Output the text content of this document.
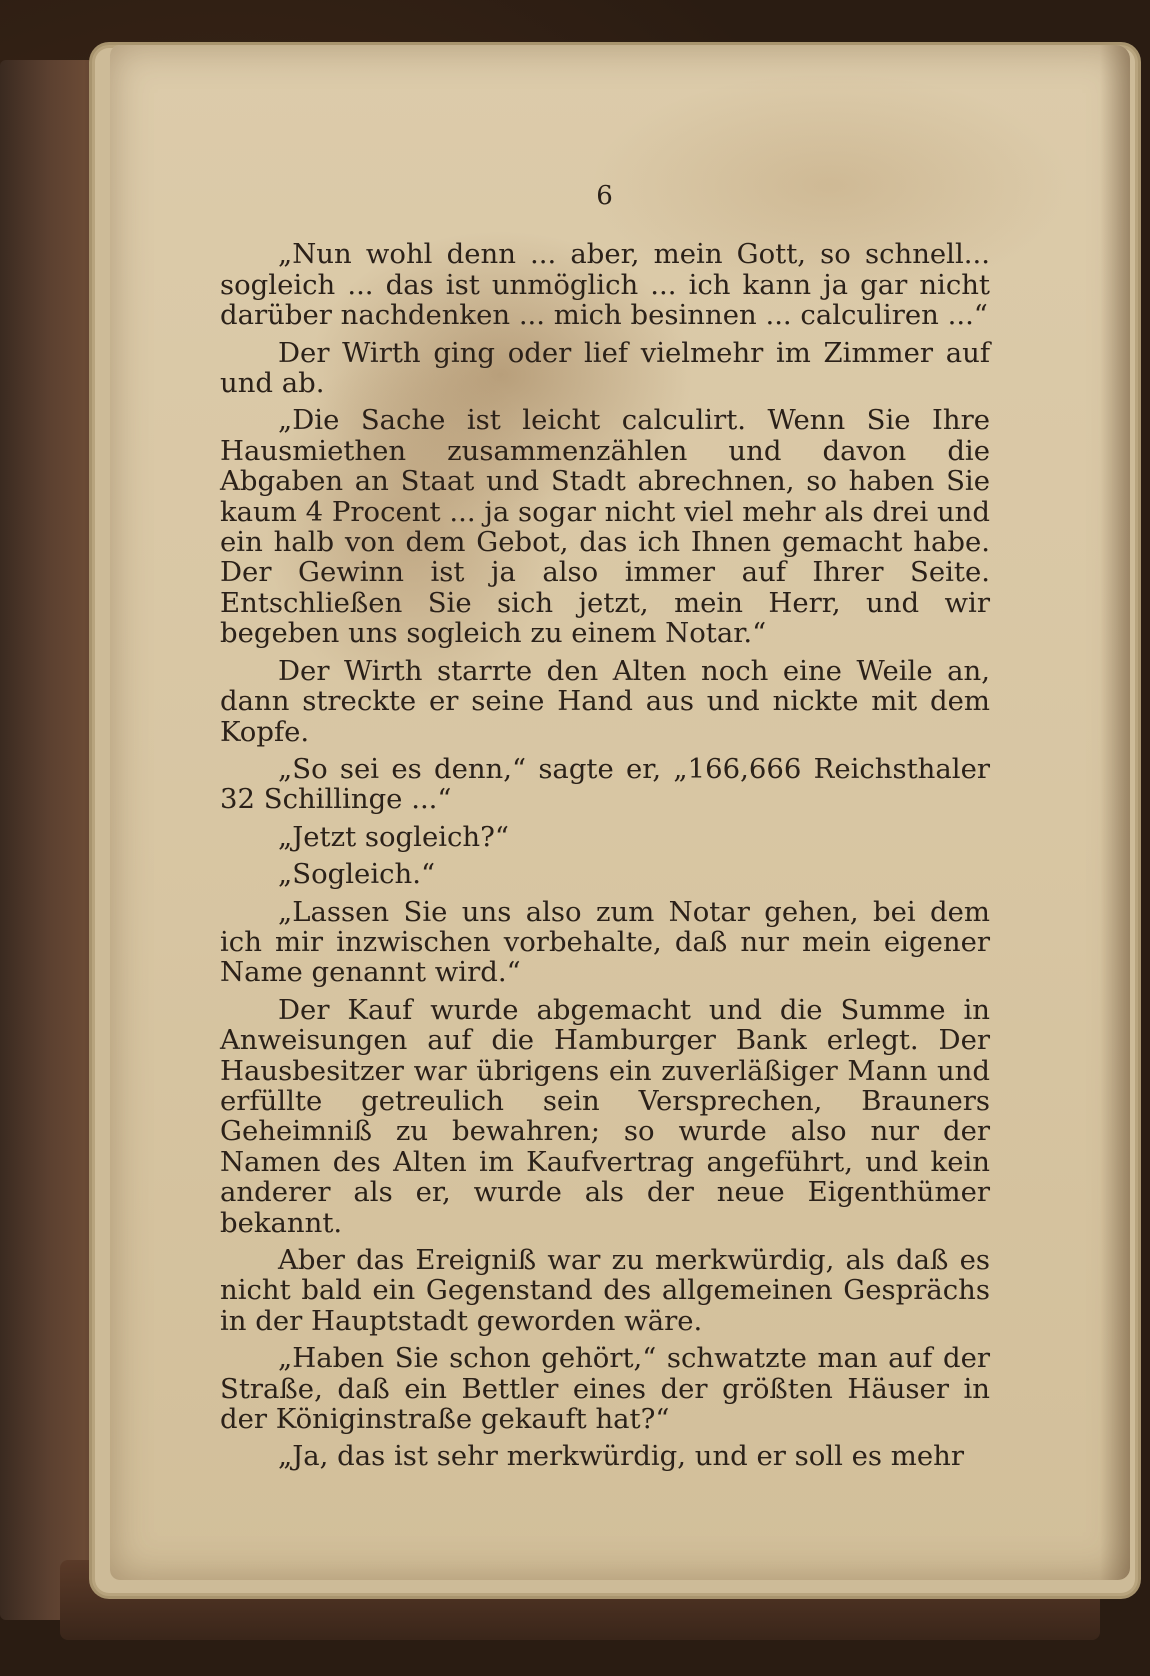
6

„Nun wohl denn ... aber, mein Gott, so schnell... sogleich ... das ist unmöglich ... ich kann ja gar nicht darüber nachdenken ... mich besinnen ... calculiren ...“

Der Wirth ging oder lief vielmehr im Zimmer auf und ab.

„Die Sache ist leicht calculirt. Wenn Sie Ihre Hausmiethen zusammenzählen und davon die Abgaben an Staat und Stadt abrechnen, so haben Sie kaum 4 Procent ... ja sogar nicht viel mehr als drei und ein halb von dem Gebot, das ich Ihnen gemacht habe. Der Gewinn ist ja also immer auf Ihrer Seite. Entschließen Sie sich jetzt, mein Herr, und wir begeben uns sogleich zu einem Notar.“

Der Wirth starrte den Alten noch eine Weile an, dann streckte er seine Hand aus und nickte mit dem Kopfe.

„So sei es denn,“ sagte er, „166,666 Reichsthaler 32 Schillinge ...“

„Jetzt sogleich?“

„Sogleich.“

„Lassen Sie uns also zum Notar gehen, bei dem ich mir inzwischen vorbehalte, daß nur mein eigener Name genannt wird.“

Der Kauf wurde abgemacht und die Summe in Anweisungen auf die Hamburger Bank erlegt. Der Hausbesitzer war übrigens ein zuverläßiger Mann und erfüllte getreulich sein Versprechen, Brauners Geheimniß zu bewahren; so wurde also nur der Namen des Alten im Kaufvertrag angeführt, und kein anderer als er, wurde als der neue Eigenthümer bekannt.

Aber das Ereigniß war zu merkwürdig, als daß es nicht bald ein Gegenstand des allgemeinen Gesprächs in der Hauptstadt geworden wäre.

„Haben Sie schon gehört,“ schwatzte man auf der Straße, daß ein Bettler eines der größten Häuser in der Königinstraße gekauft hat?“

„Ja, das ist sehr merkwürdig, und er soll es mehr
